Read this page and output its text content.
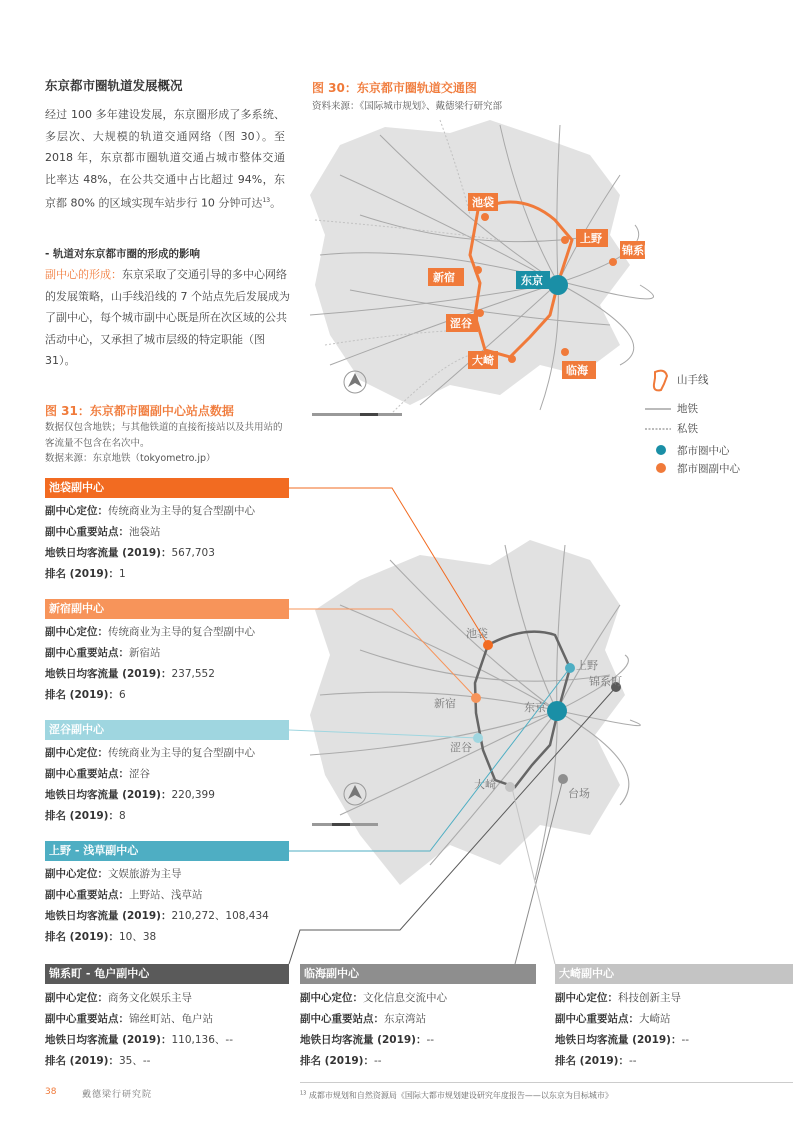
东京都市圈轨道发展概况
经过 100 多年建设发展，东京圈形成了多系统、多层次、大规模的轨道交通网络（图 30）。至 2018 年，东京都市圈轨道交通占城市整体交通比率达 48%，在公共交通中占比超过 94%，东京都 80% 的区域实现车站步行 10 分钟可达$^{13}$。
- 轨道对东京都市圈的形成的影响
副中心的形成：东京采取了交通引导的多中心网络的发展策略，山手线沿线的 7 个站点先后发展成为了副中心，每个城市副中心既是所在次区域的公共活动中心，又承担了城市层级的特定职能（图 31）。
图 30：东京都市圈轨道交通图
资料来源：《国际城市规划》、戴德梁行研究部
池袋
上野
锦系町
新宿	东京
涩谷
大崎
临海
山手线
地铁
私铁
都市圈中心
都市圈副中心
图 31：东京都市圈副中心站点数据
数据仅包含地铁；与其他铁道的直接衔接站以及共用站的客流量不包含在名次中。
数据来源：东京地铁（tokyometro.jp）
池袋
上野
锦系町
新宿	东京
涩谷
大崎
台场
池袋副中心
副中心定位：传统商业为主导的复合型副中心
副中心重要站点：池袋站
地铁日均客流量 (2019)：567,703
排名 (2019)：1
新宿副中心
副中心定位：传统商业为主导的复合型副中心
副中心重要站点：新宿站
地铁日均客流量 (2019)：237,552
排名 (2019)：6
涩谷副中心
副中心定位：传统商业为主导的复合型副中心
副中心重要站点：涩谷
地铁日均客流量 (2019)：220,399
排名 (2019)：8
上野 - 浅草副中心
副中心定位：文娱旅游为主导
副中心重要站点：上野站、浅草站
地铁日均客流量 (2019)：210,272、108,434
排名 (2019)：10、38
锦系町 - 龟户副中心
副中心定位：商务文化娱乐主导
副中心重要站点：锦丝町站、龟户站
地铁日均客流量 (2019)：110,136、--
排名 (2019)：35、--
临海副中心
副中心定位：文化信息交流中心
副中心重要站点：东京湾站
地铁日均客流量 (2019)：--
排名 (2019)：--
大崎副中心
副中心定位：科技创新主导
副中心重要站点：大崎站
地铁日均客流量 (2019)：--
排名 (2019)：--
38	戴德梁行研究院	$^{13}$ 成都市规划和自然资源局《国际大都市规划建设研究年度报告——以东京为目标城市》
